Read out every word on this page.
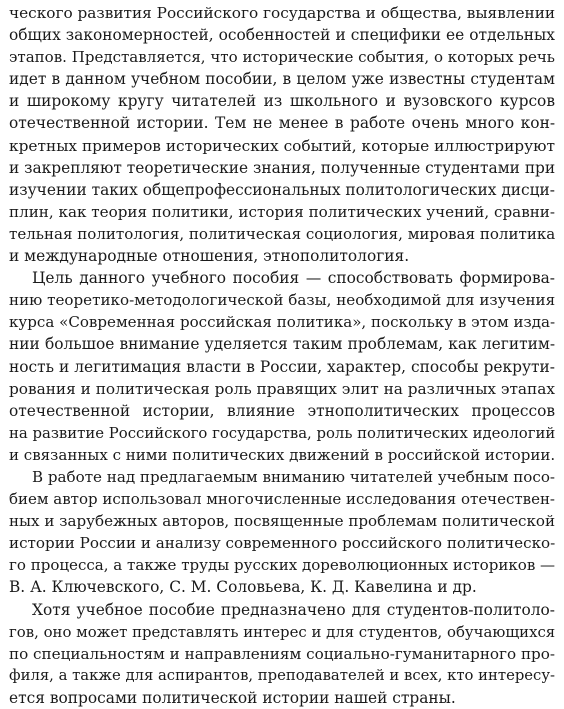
ческого развития Российского государства и общества, выявлении
общих закономерностей, особенностей и специфики ее отдельных
этапов. Представляется, что исторические события, о которых речь
идет в данном учебном пособии, в целом уже известны студентам
и широкому кругу читателей из школьного и вузовского курсов
отечественной истории. Тем не менее в работе очень много кон-
кретных примеров исторических событий, которые иллюстрируют
и закрепляют теоретические знания, полученные студентами при
изучении таких общепрофессиональных политологических дисци-
плин, как теория политики, история политических учений, сравни-
тельная политология, политическая социология, мировая политика
и международные отношения, этнополитология.
Цель данного учебного пособия — способствовать формирова-
нию теоретико-методологической базы, необходимой для изучения
курса «Современная российская политика», поскольку в этом изда-
нии большое внимание уделяется таким проблемам, как легитим-
ность и легитимация власти в России, характер, способы рекрути-
рования и политическая роль правящих элит на различных этапах
отечественной истории, влияние этнополитических процессов
на развитие Российского государства, роль политических идеологий
и связанных с ними политических движений в российской истории.
В работе над предлагаемым вниманию читателей учебным посо-
бием автор использовал многочисленные исследования отечествен-
ных и зарубежных авторов, посвященные проблемам политической
истории России и анализу современного российского политическо-
го процесса, а также труды русских дореволюционных историков —
В. А. Ключевского, С. М. Соловьева, К. Д. Кавелина и др.
Хотя учебное пособие предназначено для студентов-политоло-
гов, оно может представлять интерес и для студентов, обучающихся
по специальностям и направлениям социально-гуманитарного про-
филя, а также для аспирантов, преподавателей и всех, кто интересу-
ется вопросами политической истории нашей страны.
